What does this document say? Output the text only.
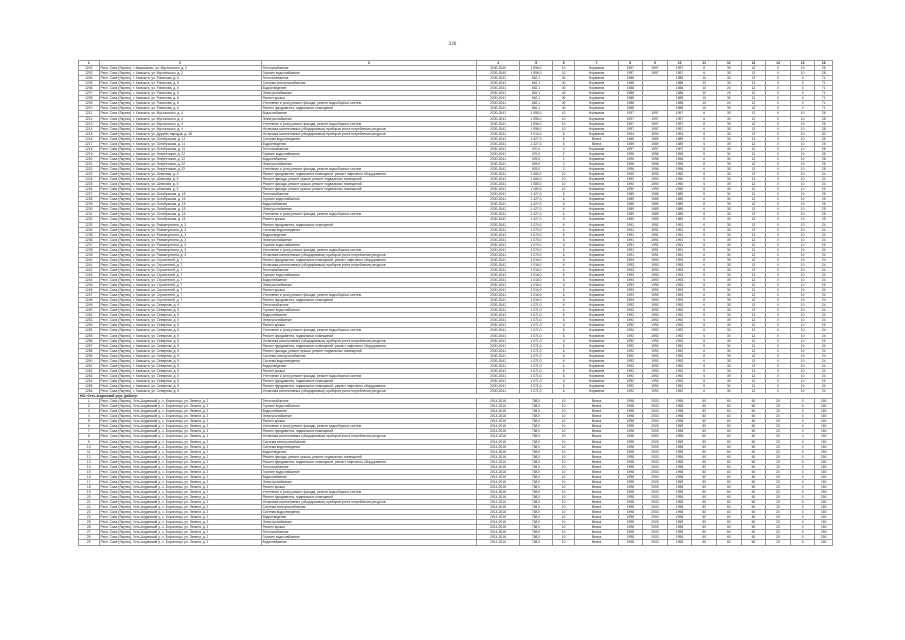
226
1	2	3	4	5	6	7	8	9	10	11	12	13	14	15	16
1202	Респ. Саха (Якутия), г. Камышково, ул. Мустахского, д. 2	Теплоснабжение	2030-2040	1 596,0	10	Норматив	1997	1997	1997	6	30	12	0	10	28
1203	Респ. Саха (Якутия), г. Ханыыта, ул. Мустахского, д. 2	Горячее водоснабжение	2030-2040	1 596,0	10	Норматив	1997	1997	1997	6	30	12	0	10	28
1204	Респ. Саха (Якутия), г. Ханыыта, ул. Ронинова, д. 6	Теплоснабжение	2030-2041	662,1	40	Норматив	1988		1988	10	30	12	0	0	71
1205	Респ. Саха (Якутия), г. Ханыыта, ул. Ронинова, д. 6	Система электроснабжения	2030-2041	662,1	40	Норматив	1988		1988	10	30	12	0	0	71
1206	Респ. Саха (Якутия), г. Ханыыта, ул. Ронинова, д. 6	Водоотведение	2030-2041	662,1	40	Норматив	1988		1988	10	24	12	0	0	71
1207	Респ. Саха (Якутия), г. Ханыыта, ул. Ронинова, д. 6	Электроснабжение	2030-2041	662,1	40	Норматив	1988		1988	10	24	12	0	0	71
1208	Респ. Саха (Якутия), г. Ханыыта, ул. Ронинова, д. 6	Ремонт крыши	2030-2041	662,1	40	Норматив	1988		1988	10	30	12	0	0	71
1209	Респ. Саха (Якутия), г. Ханыыта, ул. Ронинова, д. 6	Утепление и (или) ремонт фасада, ремонт водосборных систем	2030-2041	662,1	40	Норматив	1988		1988	10	24	12	0	0	71
1210	Респ. Саха (Якутия), г. Ханыыта, ул. Ронинова, д. 6	Ремонт фундамента, подвальных помещений	2030-2041	662,1	40	Норматив	1988		1988	10	30	12	0	0	71
1211	Респ. Саха (Якутия), г. Ханыыта, ул. Мустахского, д. 4	Водоснабжение	2030-2041	1 596,0	10	Норматив	1997	1997	1997	6	30	12	0	10	28
1212	Респ. Саха (Якутия), г. Ханыыта, ул. Мустахского, д. 4	Электроснабжение	2030-2041	1 596,0	10	Норматив	1997	1997	1997	6	30	12	0	10	28
1213	Респ. Саха (Якутия), г. Ханыыта, ул. Мустахского, д. 4	Утепление и (или) ремонт фасада, ремонт водосборных систем	2030-2041	1 596,0	10	Норматив	1997	1997	1997	6	30	12	0	10	28
1214	Респ. Саха (Якутия), г. Ханыыта, ул. Мустахского, д. 4	Установка коллективных (общедомовых) приборов учета потребления ресурсов	2030-2041	1 596,0	10	Норматив	1997	1997	1997	6	30	12	0	10	28
1215	Респ. Саха (Якутия), г. Ханыыта, ул. Дружбы народов, д. 28	Установка коллективных (общедомовых) приборов учета потребления ресурсов	2030-2041	1 014,0	6	Норматив	1994	1994	1994	6	30	12	0	10	30
1216	Респ. Саха (Якутия), г. Ханыыта, ул. Октябрьская, д. 11	Система водоотведения	2030-2041	1 427,0	6	Весна	1989	1989	1989	6	30	12	0	10	25
1217	Респ. Саха (Якутия), г. Ханыыта, ул. Октябрьская, д. 11	Водоотведение	2030-2041	1 427,0	6	Весна	1989	1989	1989	6	30	12	0	10	25
1218	Респ. Саха (Якутия), г. Ханыыта, ул. Октябрьская, д. 11	Теплоснабжение	2030-2041	470,0	2	Норматив	1997	1997	1997	6	30	12	0	10	28
1219	Респ. Саха (Якутия), г. Ханыыта, ул. Энергетиков, д. 22	Горячее водоснабжение	2030-2041	470,0	2	Норматив	1996	1996	1996	6	30	12	0	10	28
1220	Респ. Саха (Якутия), г. Ханыыта, ул. Энергетиков, д. 22	Водоснабжение	2030-2041	929,0	2	Норматив	1996	1996	1996	6	30	12	0	10	28
1221	Респ. Саха (Якутия), г. Ханыыта, ул. Энергетиков, д. 22	Электроснабжение	2030-2041	929,0	2	Норматив	1996	1996	1996	6	30	12	0	10	28
1222	Респ. Саха (Якутия), г. Ханыыта, ул. Энергетиков, д. 22	Утепление и (или) ремонт фасада, ремонт водосборных систем	2030-2041	929,0	2	Норматив	1996	1996	1996	6	30	12	0	10	28
1223	Респ. Саха (Якутия), г. Ханыыта, ул. Шлюхова, д. 5	Ремонт фундамента, подвальных помещений, ремонт лифтового оборудования	2030-2041	1 080,0	10	Норматив	1990	1990	1990	6	30	12	0	10	24
1224	Респ. Саха (Якутия), г. Ханыыта, ул. Шлюхова, д. 5	Ремонт фасада, ремонт крыши, ремонт подвальных помещений	2030-2041	1 080,0	10	Норматив	1990	1990	1990	6	30	12	0	10	24
1225	Респ. Саха (Якутия), г. Ханыыта, ул. Шлюхова, д. 5	Ремонт фасада, ремонт крыши, ремонт подвальных помещений	2030-2041	1 080,0	10	Норматив	1990	1990	1990	6	30	12	0	10	24
1226	Респ. Саха (Якутия), г. Ханыыта, ул. Шлюхова, д. 5	Ремонт фасада, ремонт крыши, ремонт подвальных помещений	2030-2041	1 080,0	10	Норматив	1990	1990	1990	6	30	12	0	10	24
1227	Респ. Саха (Якутия), г. Ханыыта, ул. Октябрьская, д. 15	Теплоснабжение	2030-2041	1 427,0	6	Норматив	1989	1989	1989	6	30	12	0	10	25
1228	Респ. Саха (Якутия), г. Ханыыта, ул. Октябрьская, д. 15	Горячее водоснабжение	2030-2041	1 427,0	6	Норматив	1989	1989	1989	6	30	12	0	10	25
1229	Респ. Саха (Якутия), г. Ханыыта, ул. Октябрьская, д. 15	Водоснабжение	2030-2041	1 427,0	6	Норматив	1989	1989	1989	6	30	12	0	10	25
1230	Респ. Саха (Якутия), г. Ханыыта, ул. Октябрьская, д. 15	Электроснабжение	2030-2041	1 427,0	6	Норматив	1989	1989	1989	6	30	12	0	10	25
1231	Респ. Саха (Якутия), г. Ханыыта, ул. Октябрьская, д. 15	Утепление и (или) ремонт фасада, ремонт водосборных систем	2030-2041	1 427,0	6	Норматив	1989	1989	1989	6	30	12	0	10	25
1232	Респ. Саха (Якутия), г. Ханыыта, ул. Октябрьская, д. 15	Ремонт крыши	2030-2041	1 427,0	6	Норматив	1989	1989	1989	6	30	12	0	10	25
1233	Респ. Саха (Якутия), г. Ханыыта, ул. Рахматуллина, д. 3	Ремонт фундамента, подвальных помещений	2030-2041	1 070,0	6	Норматив	1991	1991	1991	6	30	12	0	10	24
1234	Респ. Саха (Якутия), г. Ханыыта, ул. Рахматуллина, д. 3	Система водоотведения	2030-2041	1 070,0	6	Норматив	1991	1991	1991	6	30	12	0	10	24
1235	Респ. Саха (Якутия), г. Ханыыта, ул. Рахматуллина, д. 3	Водоотведение	2030-2041	1 070,0	6	Норматив	1991	1991	1991	6	30	12	0	10	24
1236	Респ. Саха (Якутия), г. Ханыыта, ул. Рахматуллина, д. 3	Электроснабжение	2030-2041	1 070,0	6	Норматив	1991	1991	1991	6	30	12	0	10	24
1237	Респ. Саха (Якутия), г. Ханыыта, ул. Рахматуллина, д. 3	Горячее водоснабжение	2030-2041	1 070,0	6	Норматив	1991	1991	1991	6	30	12	0	10	24
1238	Респ. Саха (Якутия), г. Ханыыта, ул. Рахматуллина, д. 3	Утепление и (или) ремонт фасада, ремонт водосборных систем	2030-2041	1 070,0	6	Норматив	1991	1991	1991	6	30	12	0	10	24
1239	Респ. Саха (Якутия), г. Ханыыта, ул. Рахматуллина, д. 3	Установка коллективных (общедомовых) приборов учета потребления ресурсов	2030-2041	1 070,0	6	Норматив	1991	1991	1991	6	30	12	0	10	24
1240	Респ. Саха (Якутия), г. Ханыыта, ул. Строителей, д. 7	Ремонт фундамента, подвальных помещений, ремонт лифтового оборудования	2030-2041	1 016,0	6	Норматив	1993	1993	1993	6	30	12	0	10	24
1241	Респ. Саха (Якутия), г. Ханыыта, ул. Строителей, д. 7	Установка коллективных (общедомовых) приборов учета потребления ресурсов	2030-2041	1 016,0	6	Норматив	1993	1993	1993	6	30	12	0	10	24
1242	Респ. Саха (Якутия), г. Ханыыта, ул. Строителей, д. 7	Теплоснабжение	2030-2041	1 016,0	6	Норматив	1993	1993	1993	6	30	12	0	10	24
1243	Респ. Саха (Якутия), г. Ханыыта, ул. Строителей, д. 7	Горячее водоснабжение	2030-2041	1 016,0	6	Норматив	1993	1993	1993	6	30	12	0	10	24
1244	Респ. Саха (Якутия), г. Ханыыта, ул. Строителей, д. 7	Водоснабжение	2030-2041	1 016,0	6	Норматив	1993	1993	1993	6	30	12	0	10	24
1245	Респ. Саха (Якутия), г. Ханыыта, ул. Строителей, д. 7	Электроснабжение	2030-2041	1 016,0	6	Норматив	1993	1993	1993	6	30	12	0	10	24
1246	Респ. Саха (Якутия), г. Ханыыта, ул. Строителей, д. 7	Ремонт крыши	2030-2041	1 016,0	6	Норматив	1993	1993	1993	6	30	12	0	10	24
1247	Респ. Саха (Якутия), г. Ханыыта, ул. Строителей, д. 7	Утепление и (или) ремонт фасада, ремонт водосборных систем	2030-2041	1 016,0	6	Норматив	1993	1993	1993	6	30	12	0	10	24
1248	Респ. Саха (Якутия), г. Ханыыта, ул. Строителей, д. 7	Ремонт фундамента, подвальных помещений	2030-2041	1 016,0	6	Норматив	1993	1993	1993	6	30	12	0	10	24
1249	Респ. Саха (Якутия), г. Ханыыта, ул. Северная, д. 5	Теплоснабжение	2030-2041	1 071,0	6	Норматив	1992	1992	1992	6	30	12	0	10	24
1250	Респ. Саха (Якутия), г. Ханыыта, ул. Северная, д. 5	Горячее водоснабжение	2030-2041	1 071,0	6	Норматив	1992	1992	1992	6	30	12	0	10	24
1251	Респ. Саха (Якутия), г. Ханыыта, ул. Северная, д. 5	Водоснабжение	2030-2041	1 071,0	6	Норматив	1992	1992	1992	6	30	12	0	10	24
1252	Респ. Саха (Якутия), г. Ханыыта, ул. Северная, д. 5	Электроснабжение	2030-2041	1 071,0	6	Норматив	1992	1992	1992	6	30	12	0	10	24
1253	Респ. Саха (Якутия), г. Ханыыта, ул. Северная, д. 5	Ремонт крыши	2030-2041	1 071,0	6	Норматив	1992	1992	1992	6	30	12	0	10	24
1254	Респ. Саха (Якутия), г. Ханыыта, ул. Северная, д. 5	Утепление и (или) ремонт фасада, ремонт водосборных систем	2030-2041	1 071,0	6	Норматив	1992	1992	1992	6	30	12	0	10	24
1255	Респ. Саха (Якутия), г. Ханыыта, ул. Северная, д. 5	Ремонт фундамента, подвальных помещений	2030-2041	1 071,0	6	Норматив	1992	1992	1992	6	30	12	0	10	24
1256	Респ. Саха (Якутия), г. Ханыыта, ул. Северная, д. 5	Установка коллективных (общедомовых) приборов учета потребления ресурсов	2030-2041	1 071,0	6	Норматив	1992	1992	1992	6	30	12	0	10	24
1257	Респ. Саха (Якутия), г. Ханыыта, ул. Северная, д. 5	Ремонт фундамента, подвальных помещений, ремонт лифтового оборудования	2030-2041	1 071,0	6	Норматив	1992	1992	1992	6	30	12	0	10	24
1258	Респ. Саха (Якутия), г. Ханыыта, ул. Северная, д. 5	Ремонт фасада, ремонт крыши, ремонт подвальных помещений	2030-2041	1 071,0	6	Норматив	1992	1992	1992	6	30	12	0	10	24
1259	Респ. Саха (Якутия), г. Ханыыта, ул. Северная, д. 5	Система электроснабжения	2030-2041	1 071,0	6	Норматив	1992	1992	1992	6	30	12	0	10	24
1260	Респ. Саха (Якутия), г. Ханыыта, ул. Северная, д. 5	Система водоотведения	2030-2041	1 071,0	6	Норматив	1992	1992	1992	6	30	12	0	10	24
1261	Респ. Саха (Якутия), г. Ханыыта, ул. Северная, д. 5	Водоотведение	2030-2041	1 071,0	6	Норматив	1992	1992	1992	6	30	12	0	10	24
1262	Респ. Саха (Якутия), г. Ханыыта, ул. Северная, д. 5	Ремонт крыши	2030-2041	1 071,0	6	Норматив	1992	1992	1992	6	30	12	0	10	24
1263	Респ. Саха (Якутия), г. Ханыыта, ул. Северная, д. 5	Утепление и (или) ремонт фасада, ремонт водосборных систем	2030-2041	1 071,0	6	Норматив	1992	1992	1992	6	30	12	0	10	24
1264	Респ. Саха (Якутия), г. Ханыыта, ул. Северная, д. 5	Ремонт фундамента, подвальных помещений	2030-2041	1 071,0	6	Норматив	1992	1992	1992	6	30	12	0	10	24
1265	Респ. Саха (Якутия), г. Ханыыта, ул. Северная, д. 5	Ремонт фундамента, подвальных помещений, ремонт лифтового оборудования	2030-2041	1 071,0	6	Норматив	1992	1992	1992	6	30	12	0	10	24
1266	Респ. Саха (Якутия), г. Ханыыта, ул. Северная, д. 5	Установка коллективных (общедомовых) приборов учета потребления ресурсов	2030-2041	1 071,0	6	Норматив	1992	1992	1992	6	30	12	0	10	24
МО «Усть-Алданский улус (район)»															
1	Респ. Саха (Якутия), Усть-Алданский у., с. Борогонцы, ул. Ленина, д. 2	Теплоснабжение	2014-2016	758,0	10	Весна	1998	2003	1998	60	60	60	20	0	150
2	Респ. Саха (Якутия), Усть-Алданский у., с. Борогонцы, ул. Ленина, д. 2	Горячее водоснабжение	2014-2016	758,0	10	Весна	1998	2003	1998	60	60	60	20	0	150
3	Респ. Саха (Якутия), Усть-Алданский у., с. Борогонцы, ул. Ленина, д. 2	Водоснабжение	2014-2016	758,0	10	Весна	1998	2003	1998	60	60	60	20	0	150
4	Респ. Саха (Якутия), Усть-Алданский у., с. Борогонцы, ул. Ленина, д. 2	Электроснабжение	2014-2016	758,0	10	Весна	1998	2003	1998	60	60	60	20	0	150
5	Респ. Саха (Якутия), Усть-Алданский у., с. Борогонцы, ул. Ленина, д. 2	Ремонт крыши	2014-2016	758,0	10	Весна	1998	2003	1998	60	60	60	20	0	150
6	Респ. Саха (Якутия), Усть-Алданский у., с. Борогонцы, ул. Ленина, д. 2	Утепление и (или) ремонт фасада, ремонт водосборных систем	2014-2016	758,0	10	Весна	1998	2003	1998	60	60	60	20	0	150
7	Респ. Саха (Якутия), Усть-Алданский у., с. Борогонцы, ул. Ленина, д. 2	Ремонт фундамента, подвальных помещений	2014-2016	758,0	10	Весна	1998	2003	1998	60	60	60	20	0	150
8	Респ. Саха (Якутия), Усть-Алданский у., с. Борогонцы, ул. Ленина, д. 2	Установка коллективных (общедомовых) приборов учета потребления ресурсов	2014-2016	758,0	10	Весна	1998	2003	1998	60	60	60	20	0	150
9	Респ. Саха (Якутия), Усть-Алданский у., с. Борогонцы, ул. Ленина, д. 2	Система электроснабжения	2014-2016	758,0	10	Весна	1998	2003	1998	60	60	60	20	0	150
10	Респ. Саха (Якутия), Усть-Алданский у., с. Борогонцы, ул. Ленина, д. 2	Система водоотведения	2014-2016	758,0	10	Весна	1998	2003	1998	60	60	60	20	0	150
11	Респ. Саха (Якутия), Усть-Алданский у., с. Борогонцы, ул. Ленина, д. 2	Водоотведение	2014-2016	758,0	10	Весна	1998	2003	1998	60	60	60	20	0	150
12	Респ. Саха (Якутия), Усть-Алданский у., с. Борогонцы, ул. Ленина, д. 2	Ремонт фасада, ремонт крыши, ремонт подвальных помещений	2014-2016	758,0	10	Весна	1998	2003	1998	60	60	60	20	0	150
13	Респ. Саха (Якутия), Усть-Алданский у., с. Борогонцы, ул. Ленина, д. 2	Ремонт фундамента, подвальных помещений, ремонт лифтового оборудования	2014-2016	758,0	10	Весна	1998	2003	1998	60	60	60	20	0	150
14	Респ. Саха (Якутия), Усть-Алданский у., с. Борогонцы, ул. Ленина, д. 2	Теплоснабжение	2014-2016	758,0	10	Весна	1998	2003	1998	60	60	60	20	0	150
15	Респ. Саха (Якутия), Усть-Алданский у., с. Борогонцы, ул. Ленина, д. 2	Горячее водоснабжение	2014-2016	758,0	10	Весна	1998	2003	1998	60	60	60	20	0	150
16	Респ. Саха (Якутия), Усть-Алданский у., с. Борогонцы, ул. Ленина, д. 2	Водоснабжение	2014-2016	758,0	10	Весна	1998	2003	1998	60	60	60	20	0	150
17	Респ. Саха (Якутия), Усть-Алданский у., с. Борогонцы, ул. Ленина, д. 2	Электроснабжение	2014-2016	758,0	10	Весна	1998	2003	1998	60	60	60	20	0	150
18	Респ. Саха (Якутия), Усть-Алданский у., с. Борогонцы, ул. Ленина, д. 2	Ремонт крыши	2014-2016	758,0	10	Весна	1998	2003	1998	60	60	60	20	0	150
19	Респ. Саха (Якутия), Усть-Алданский у., с. Борогонцы, ул. Ленина, д. 2	Утепление и (или) ремонт фасада, ремонт водосборных систем	2014-2016	758,0	10	Весна	1998	2003	1998	60	60	60	20	0	150
20	Респ. Саха (Якутия), Усть-Алданский у., с. Борогонцы, ул. Ленина, д. 2	Ремонт фундамента, подвальных помещений	2014-2016	758,0	10	Весна	1998	2003	1998	60	60	60	20	0	150
21	Респ. Саха (Якутия), Усть-Алданский у., с. Борогонцы, ул. Ленина, д. 2	Установка коллективных (общедомовых) приборов учета потребления ресурсов	2014-2016	758,0	10	Весна	1998	2003	1998	60	60	60	20	0	150
22	Респ. Саха (Якутия), Усть-Алданский у., с. Борогонцы, ул. Ленина, д. 2	Система электроснабжения	2014-2016	758,0	10	Весна	1998	2003	1998	60	60	60	20	0	150
23	Респ. Саха (Якутия), Усть-Алданский у., с. Борогонцы, ул. Ленина, д. 2	Система водоотведения	2014-2016	758,0	10	Весна	1998	2003	1998	60	60	60	20	0	150
24	Респ. Саха (Якутия), Усть-Алданский у., с. Борогонцы, ул. Ленина, д. 2	Водоотведение	2014-2016	758,0	10	Весна	1998	2003	1998	60	60	60	20	0	150
25	Респ. Саха (Якутия), Усть-Алданский у., с. Борогонцы, ул. Ленина, д. 2	Электроснабжение	2014-2016	758,0	10	Весна	1998	2003	1998	60	60	60	20	0	150
26	Респ. Саха (Якутия), Усть-Алданский у., с. Борогонцы, ул. Ленина, д. 2	Ремонт крыши	2014-2016	758,0	10	Весна	1998	2003	1998	60	60	60	20	0	150
27	Респ. Саха (Якутия), Усть-Алданский у., с. Борогонцы, ул. Ленина, д. 2	Теплоснабжение	2014-2016	758,0	10	Весна	1998	2003	1998	60	60	60	20	0	150
28	Респ. Саха (Якутия), Усть-Алданский у., с. Борогонцы, ул. Ленина, д. 2	Горячее водоснабжение	2014-2016	758,0	10	Весна	1998	2003	1998	60	60	60	20	0	150
29	Респ. Саха (Якутия), Усть-Алданский у., с. Борогонцы, ул. Ленина, д. 2	Водоснабжение	2014-2016	758,0	10	Весна	1998	2003	1998	60	60	60	20	0	150
